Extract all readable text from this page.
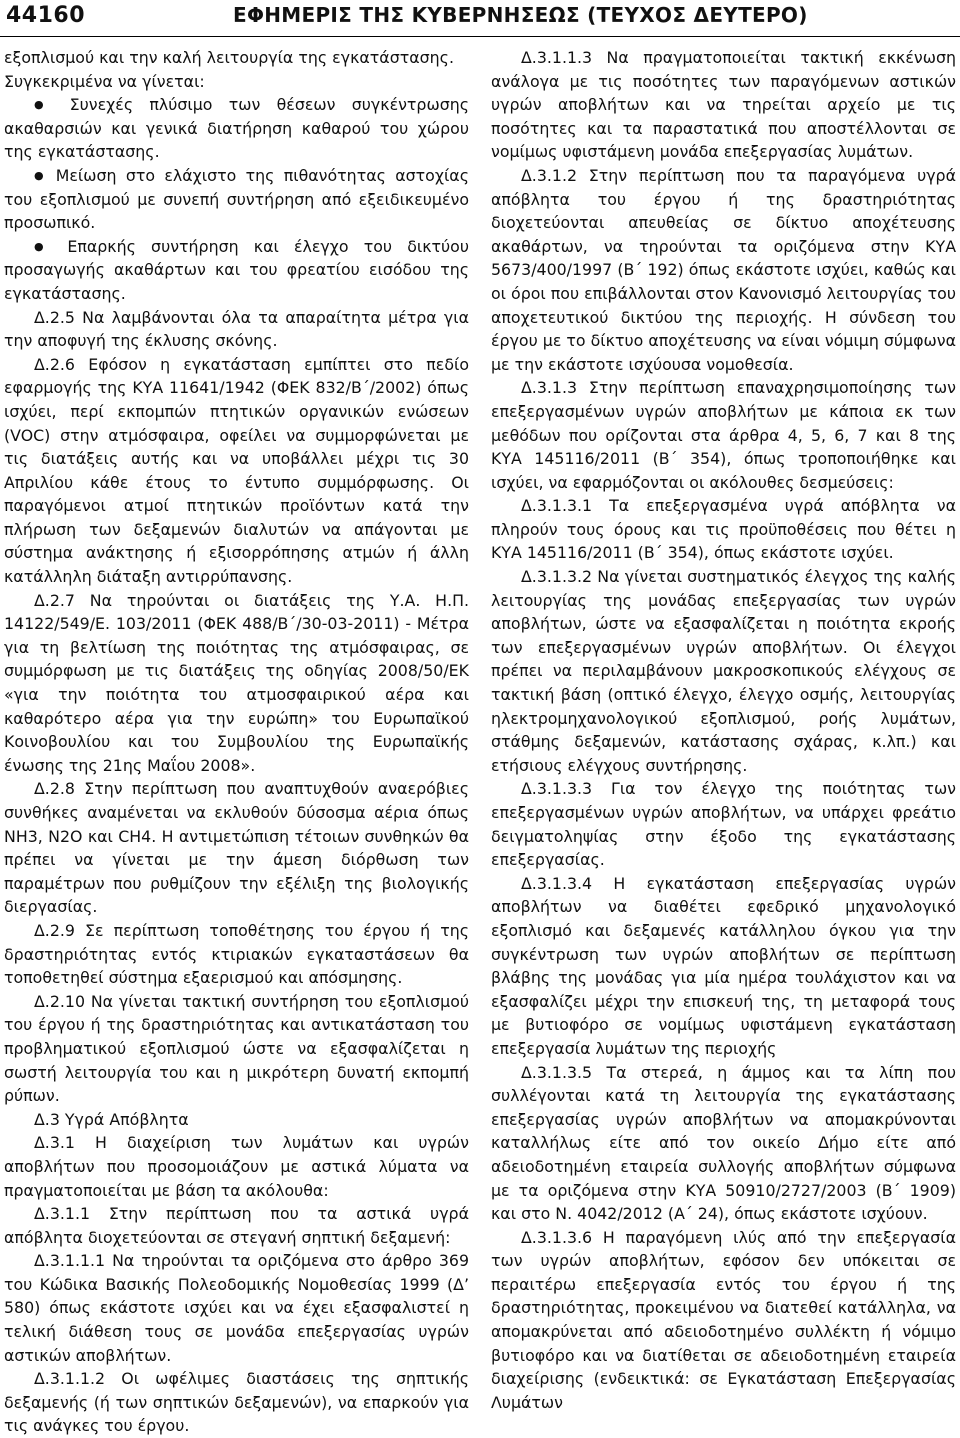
44160	ΕΦΗΜΕΡΙΣ ΤΗΣ ΚΥΒΕΡΝΗΣΕΩΣ (ΤΕΥΧΟΣ ΔΕΥΤΕΡΟ)

εξοπλισμού και την καλή λειτουργία της εγκατάστασης.

Συγκεκριμένα να γίνεται:

● Συνεχές πλύσιμο των θέσεων συγκέντρωσης ακαθαρσιών και γενικά διατήρηση καθαρού του χώρου της εγκατάστασης.

● Μείωση στο ελάχιστο της πιθανότητας αστοχίας του εξοπλισμού με συνεπή συντήρηση από εξειδικευμένο προσωπικό.

● Επαρκής συντήρηση και έλεγχο του δικτύου προσαγωγής ακαθάρτων και του φρεατίου εισόδου της εγκατάστασης.

Δ.2.5 Να λαμβάνονται όλα τα απαραίτητα μέτρα για την αποφυγή της έκλυσης σκόνης.

Δ.2.6 Εφόσον η εγκατάσταση εμπίπτει στο πεδίο εφαρμογής της ΚΥΑ 11641/1942 (ΦΕΚ 832/Β΄/2002) όπως ισχύει, περί εκπομπών πτητικών οργανικών ενώσεων (VOC) στην ατμόσφαιρα, οφείλει να συμμορφώνεται με τις διατάξεις αυτής και να υποβάλλει μέχρι τις 30 Απριλίου κάθε έτους το έντυπο συμμόρφωσης. Οι παραγόμενοι ατμοί πτητικών προϊόντων κατά την πλήρωση των δεξαμενών διαλυτών να απάγονται με σύστημα ανάκτησης ή εξισορρόπησης ατμών ή άλλη κατάλληλη διάταξη αντιρρύπανσης.

Δ.2.7 Να τηρούνται οι διατάξεις της Υ.Α. Η.Π. 14122/549/Ε. 103/2011 (ΦΕΚ 488/Β΄/30-03-2011) - Μέτρα για τη βελτίωση της ποιότητας της ατμόσφαιρας, σε συμμόρφωση με τις διατάξεις της οδηγίας 2008/50/ΕΚ «για την ποιότητα του ατμοσφαιρικού αέρα και καθαρότερο αέρα για την ευρώπη» του Ευρωπαϊκού Κοινοβουλίου και του Συμβουλίου της Ευρωπαϊκής ένωσης της 21ης Μαΐου 2008».

Δ.2.8 Στην περίπτωση που αναπτυχθούν αναερόβιες συνθήκες αναμένεται να εκλυθούν δύσοσμα αέρια όπως NH3, N2O και CH4. Η αντιμετώπιση τέτοιων συνθηκών θα πρέπει να γίνεται με την άμεση διόρθωση των παραμέτρων που ρυθμίζουν την εξέλιξη της βιολογικής διεργασίας.

Δ.2.9 Σε περίπτωση τοποθέτησης του έργου ή της δραστηριότητας εντός κτιριακών εγκαταστάσεων θα τοποθετηθεί σύστημα εξαερισμού και απόσμησης.

Δ.2.10 Να γίνεται τακτική συντήρηση του εξοπλισμού του έργου ή της δραστηριότητας και αντικατάσταση του προβληματικού εξοπλισμού ώστε να εξασφαλίζεται η σωστή λειτουργία του και η μικρότερη δυνατή εκπομπή ρύπων.

Δ.3 Υγρά Απόβλητα

Δ.3.1 Η διαχείριση των λυμάτων και υγρών αποβλήτων που προσομοιάζουν με αστικά λύματα να πραγματοποιείται με βάση τα ακόλουθα:

Δ.3.1.1 Στην περίπτωση που τα αστικά υγρά απόβλητα διοχετεύονται σε στεγανή σηπτική δεξαμενή:

Δ.3.1.1.1 Να τηρούνται τα οριζόμενα στο άρθρο 369 του Κώδικα Βασικής Πολεοδομικής Νομοθεσίας 1999 (Δ’ 580) όπως εκάστοτε ισχύει και να έχει εξασφαλιστεί η τελική διάθεση τους σε μονάδα επεξεργασίας υγρών αστικών αποβλήτων.

Δ.3.1.1.2 Οι ωφέλιμες διαστάσεις της σηπτικής δεξαμενής (ή των σηπτικών δεξαμενών), να επαρκούν για τις ανάγκες του έργου.

Δ.3.1.1.3 Να πραγματοποιείται τακτική εκκένωση ανάλογα με τις ποσότητες των παραγόμενων αστικών υγρών αποβλήτων και να τηρείται αρχείο με τις ποσότητες και τα παραστατικά που αποστέλλονται σε νομίμως υφιστάμενη μονάδα επεξεργασίας λυμάτων.

Δ.3.1.2 Στην περίπτωση που τα παραγόμενα υγρά απόβλητα του έργου ή της δραστηριότητας διοχετεύονται απευθείας σε δίκτυο αποχέτευσης ακαθάρτων, να τηρούνται τα οριζόμενα στην ΚΥΑ 5673/400/1997 (Β΄ 192) όπως εκάστοτε ισχύει, καθώς και οι όροι που επιβάλλονται στον Κανονισμό λειτουργίας του αποχετευτικού δικτύου της περιοχής. Η σύνδεση του έργου με το δίκτυο αποχέτευσης να είναι νόμιμη σύμφωνα με την εκάστοτε ισχύουσα νομοθεσία.

Δ.3.1.3 Στην περίπτωση επαναχρησιμοποίησης των επεξεργασμένων υγρών αποβλήτων με κάποια εκ των μεθόδων που ορίζονται στα άρθρα 4, 5, 6, 7 και 8 της ΚΥΑ 145116/2011 (Β΄ 354), όπως τροποποιήθηκε και ισχύει, να εφαρμόζονται οι ακόλουθες δεσμεύσεις:

Δ.3.1.3.1 Τα επεξεργασμένα υγρά απόβλητα να πληρούν τους όρους και τις προϋποθέσεις που θέτει η ΚΥΑ 145116/2011 (Β΄ 354), όπως εκάστοτε ισχύει.

Δ.3.1.3.2 Να γίνεται συστηματικός έλεγχος της καλής λειτουργίας της μονάδας επεξεργασίας των υγρών αποβλήτων, ώστε να εξασφαλίζεται η ποιότητα εκροής των επεξεργασμένων υγρών αποβλήτων. Οι έλεγχοι πρέπει να περιλαμβάνουν μακροσκοπικούς ελέγχους σε τακτική βάση (οπτικό έλεγχο, έλεγχο οσμής, λειτουργίας ηλεκτρομηχανολογικού εξοπλισμού, ροής λυμάτων, στάθμης δεξαμενών, κατάστασης σχάρας, κ.λπ.) και ετήσιους ελέγχους συντήρησης.

Δ.3.1.3.3 Για τον έλεγχο της ποιότητας των επεξεργασμένων υγρών αποβλήτων, να υπάρχει φρεάτιο δειγματοληψίας στην έξοδο της εγκατάστασης επεξεργασίας.

Δ.3.1.3.4 Η εγκατάσταση επεξεργασίας υγρών αποβλήτων να διαθέτει εφεδρικό μηχανολογικό εξοπλισμό και δεξαμενές κατάλληλου όγκου για την συγκέντρωση των υγρών αποβλήτων σε περίπτωση βλάβης της μονάδας για μία ημέρα τουλάχιστον και να εξασφαλίζει μέχρι την επισκευή της, τη μεταφορά τους με βυτιοφόρο σε νομίμως υφιστάμενη εγκατάσταση επεξεργασία λυμάτων της περιοχής

Δ.3.1.3.5 Τα στερεά, η άμμος και τα λίπη που συλλέγονται κατά τη λειτουργία της εγκατάστασης επεξεργασίας υγρών αποβλήτων να απομακρύνονται καταλλήλως είτε από τον οικείο Δήμο είτε από αδειοδοτημένη εταιρεία συλλογής αποβλήτων σύμφωνα με τα οριζόμενα στην ΚΥΑ 50910/2727/2003 (Β΄ 1909) και στο Ν. 4042/2012 (Α΄ 24), όπως εκάστοτε ισχύουν.

Δ.3.1.3.6 Η παραγόμενη ιλύς από την επεξεργασία των υγρών αποβλήτων, εφόσον δεν υπόκειται σε περαιτέρω επεξεργασία εντός του έργου ή της δραστηριότητας, προκειμένου να διατεθεί κατάλληλα, να απομακρύνεται από αδειοδοτημένο συλλέκτη ή νόμιμο βυτιοφόρο και να διατίθεται σε αδειοδοτημένη εταιρεία διαχείρισης (ενδεικτικά: σε Εγκατάσταση Επεξεργασίας Λυμάτων
